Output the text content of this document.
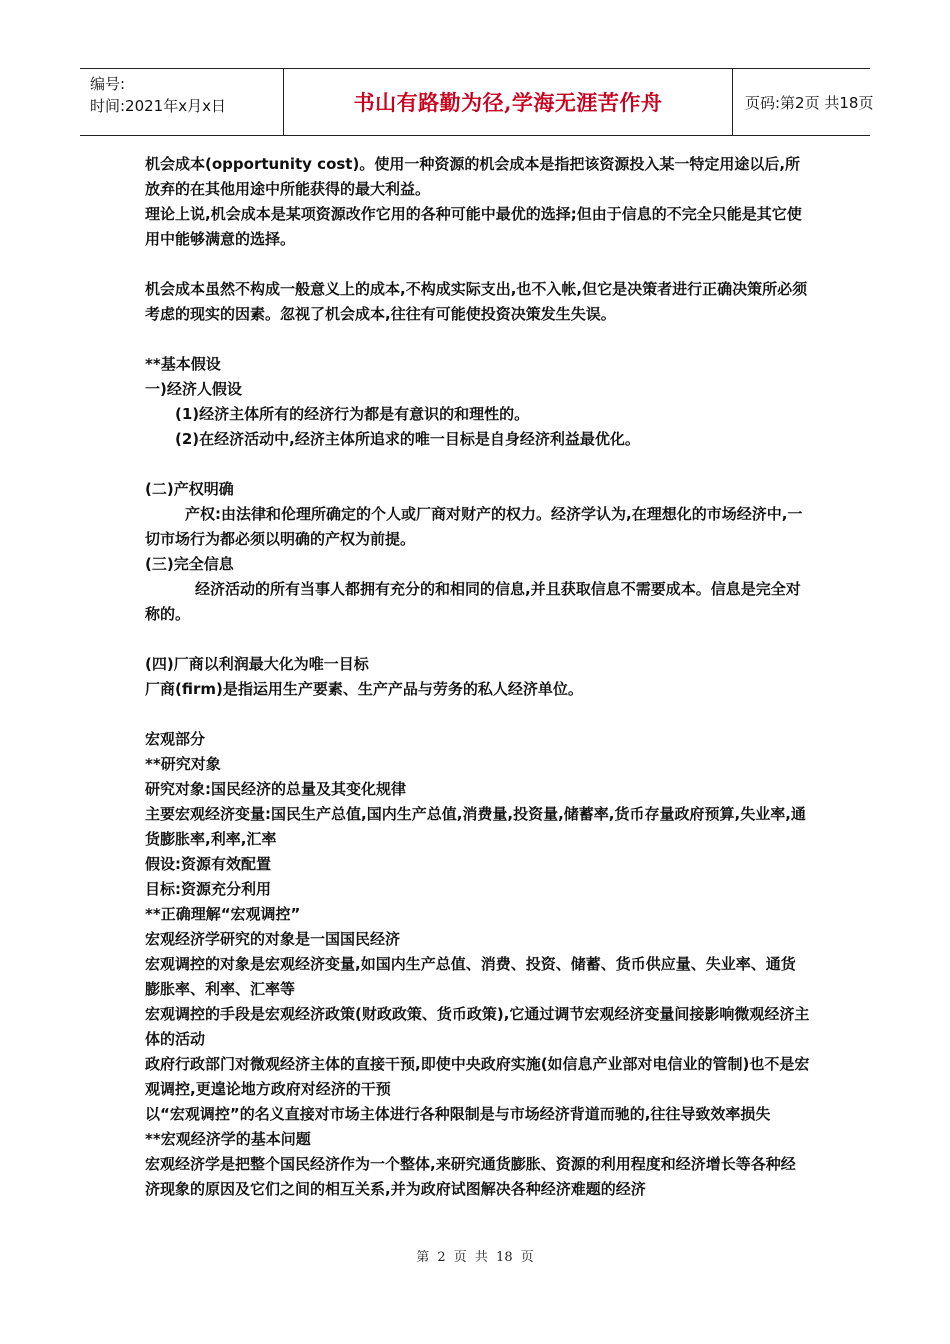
编号:
时间:2021年x月x日	书山有路勤为径,学海无涯苦作舟	页码:第2页 共18页

机会成本(opportunity cost)。使用一种资源的机会成本是指把该资源投入某一特定用途以后,所放弃的在其他用途中所能获得的最大利益。

理论上说,机会成本是某项资源改作它用的各种可能中最优的选择;但由于信息的不完全只能是其它使用中能够满意的选择。

机会成本虽然不构成一般意义上的成本,不构成实际支出,也不入帐,但它是决策者进行正确决策所必须考虑的现实的因素。忽视了机会成本,往往有可能使投资决策发生失误。

**基本假设

一)经济人假设

(1)经济主体所有的经济行为都是有意识的和理性的。

(2)在经济活动中,经济主体所追求的唯一目标是自身经济利益最优化。

(二)产权明确

产权:由法律和伦理所确定的个人或厂商对财产的权力。经济学认为,在理想化的市场经济中,一切市场行为都必须以明确的产权为前提。

(三)完全信息

经济活动的所有当事人都拥有充分的和相同的信息,并且获取信息不需要成本。信息是完全对称的。

(四)厂商以利润最大化为唯一目标

厂商(firm)是指运用生产要素、生产产品与劳务的私人经济单位。

宏观部分

**研究对象

研究对象:国民经济的总量及其变化规律

主要宏观经济变量:国民生产总值,国内生产总值,消费量,投资量,储蓄率,货币存量政府预算,失业率,通货膨胀率,利率,汇率

假设:资源有效配置

目标:资源充分利用

**正确理解“宏观调控”

宏观经济学研究的对象是一国国民经济

宏观调控的对象是宏观经济变量,如国内生产总值、消费、投资、储蓄、货币供应量、失业率、通货膨胀率、利率、汇率等

宏观调控的手段是宏观经济政策(财政政策、货币政策),它通过调节宏观经济变量间接影响微观经济主体的活动

政府行政部门对微观经济主体的直接干预,即使中央政府实施(如信息产业部对电信业的管制)也不是宏观调控,更遑论地方政府对经济的干预

以“宏观调控”的名义直接对市场主体进行各种限制是与市场经济背道而驰的,往往导致效率损失

**宏观经济学的基本问题

宏观经济学是把整个国民经济作为一个整体,来研究通货膨胀、资源的利用程度和经济增长等各种经济现象的原因及它们之间的相互关系,并为政府试图解决各种经济难题的经济

第 2 页 共 18 页
